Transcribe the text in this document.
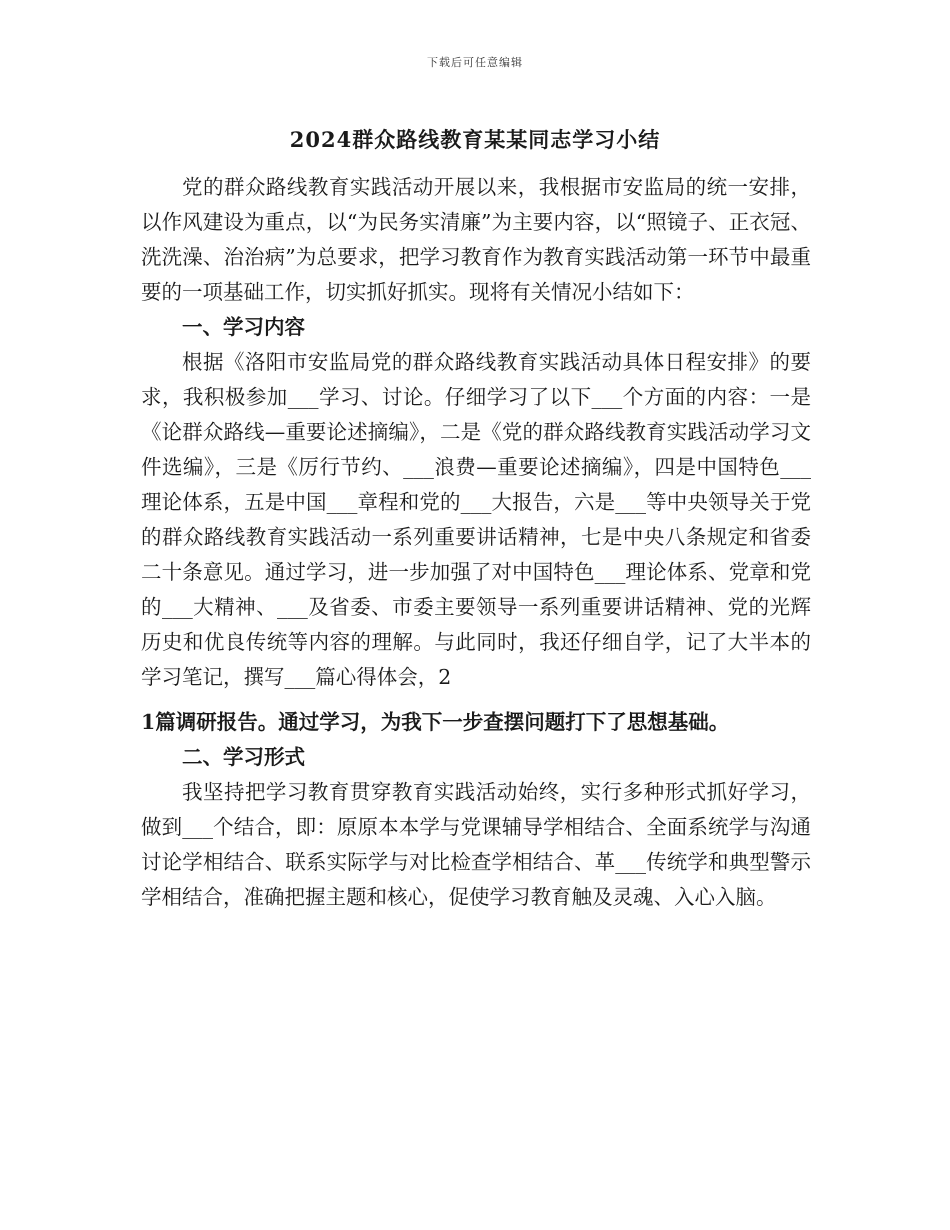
下载后可任意编辑
2024群众路线教育某某同志学习小结

党的群众路线教育实践活动开展以来，我根据市安监局的统一安排，以作风建设为重点，以“为民务实清廉”为主要内容，以“照镜子、正衣冠、洗洗澡、治治病”为总要求，把学习教育作为教育实践活动第一环节中最重要的一项基础工作，切实抓好抓实。现将有关情况小结如下：

一、学习内容

根据《洛阳市安监局党的群众路线教育实践活动具体日程安排》的要求，我积极参加___学习、讨论。仔细学习了以下___个方面的内容：一是《论群众路线—重要论述摘编》，二是《党的群众路线教育实践活动学习文件选编》，三是《厉行节约、___浪费—重要论述摘编》，四是中国特色___理论体系，五是中国___章程和党的___大报告，六是___等中央领导关于党的群众路线教育实践活动一系列重要讲话精神，七是中央八条规定和省委二十条意见。通过学习，进一步加强了对中国特色___理论体系、党章和党的___大精神、___及省委、市委主要领导一系列重要讲话精神、党的光辉历史和优良传统等内容的理解。与此同时，我还仔细自学，记了大半本的学习笔记，撰写___篇心得体会，2

1篇调研报告。通过学习，为我下一步查摆问题打下了思想基础。

二、学习形式

我坚持把学习教育贯穿教育实践活动始终，实行多种形式抓好学习，做到___个结合，即：原原本本学与党课辅导学相结合、全面系统学与沟通讨论学相结合、联系实际学与对比检查学相结合、革___传统学和典型警示学相结合，准确把握主题和核心，促使学习教育触及灵魂、入心入脑。
